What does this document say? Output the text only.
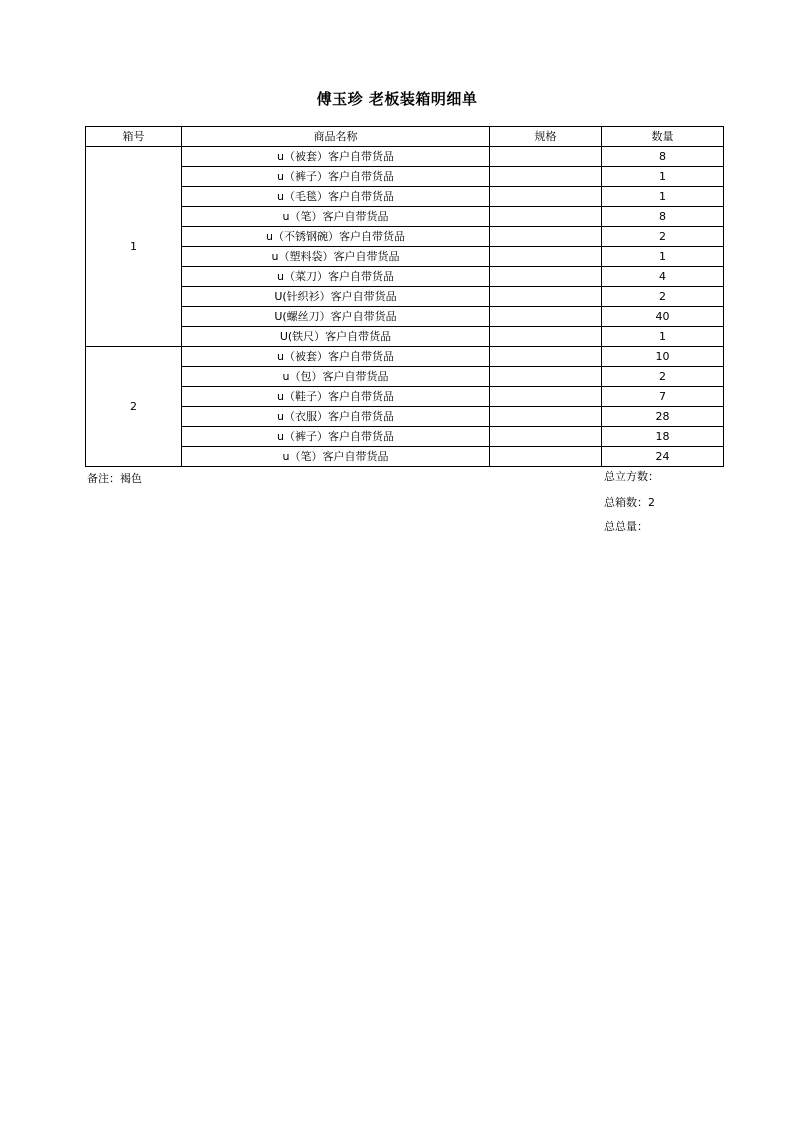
傅玉珍 老板装箱明细单
箱号	商品名称	规格	数量
1	u（被套）客户自带货品		8
	u（裤子）客户自带货品		1
	u（毛毯）客户自带货品		1
	u（笔）客户自带货品		8
	u（不锈钢碗）客户自带货品		2
	u（塑料袋）客户自带货品		1
	u（菜刀）客户自带货品		4
	U(针织衫）客户自带货品		2
	U(螺丝刀）客户自带货品		40
	U(铁尺）客户自带货品		1
2	u（被套）客户自带货品		10
	u（包）客户自带货品		2
	u（鞋子）客户自带货品		7
	u（衣服）客户自带货品		28
	u（裤子）客户自带货品		18
	u（笔）客户自带货品		24
备注：褐色	总立方数：
总箱数：2
总总量：
